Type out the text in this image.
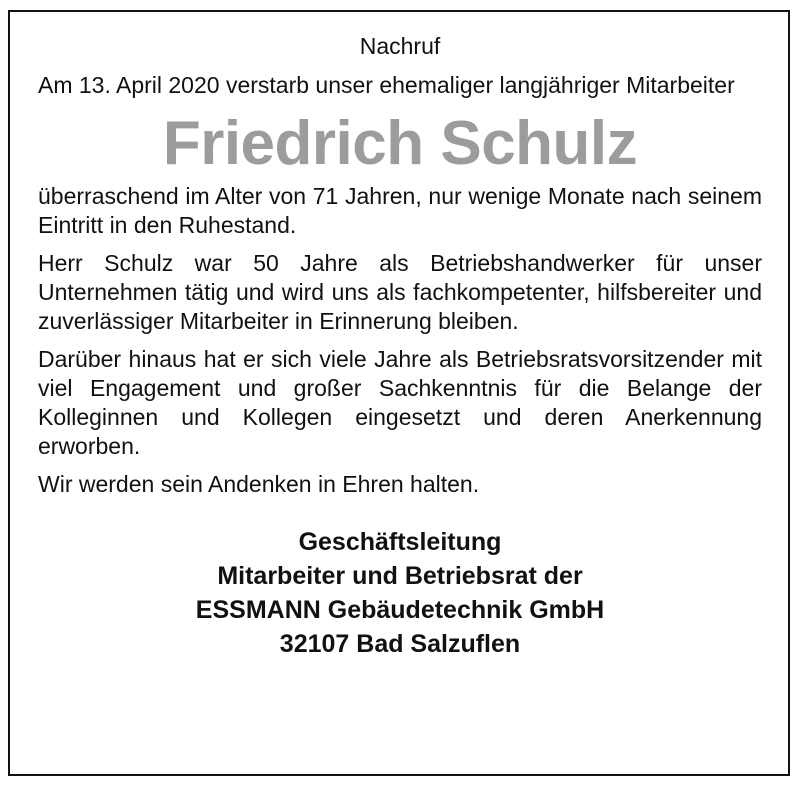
Nachruf
Am 13. April 2020 verstarb unser ehemaliger langjähriger Mitarbeiter
Friedrich Schulz
überraschend im Alter von 71 Jahren, nur wenige Monate nach seinem Eintritt in den Ruhestand.
Herr Schulz war 50 Jahre als Betriebshandwerker für unser Unternehmen tätig und wird uns als fachkompetenter, hilfsbereiter und zuverlässiger Mitarbeiter in Erinnerung bleiben.
Darüber hinaus hat er sich viele Jahre als Betriebsratsvorsitzender mit viel Engagement und großer Sachkenntnis für die Belange der Kolleginnen und Kollegen eingesetzt und deren Anerkennung erworben.
Wir werden sein Andenken in Ehren halten.
Geschäftsleitung
Mitarbeiter und Betriebsrat der
ESSMANN Gebäudetechnik GmbH
32107 Bad Salzuflen
